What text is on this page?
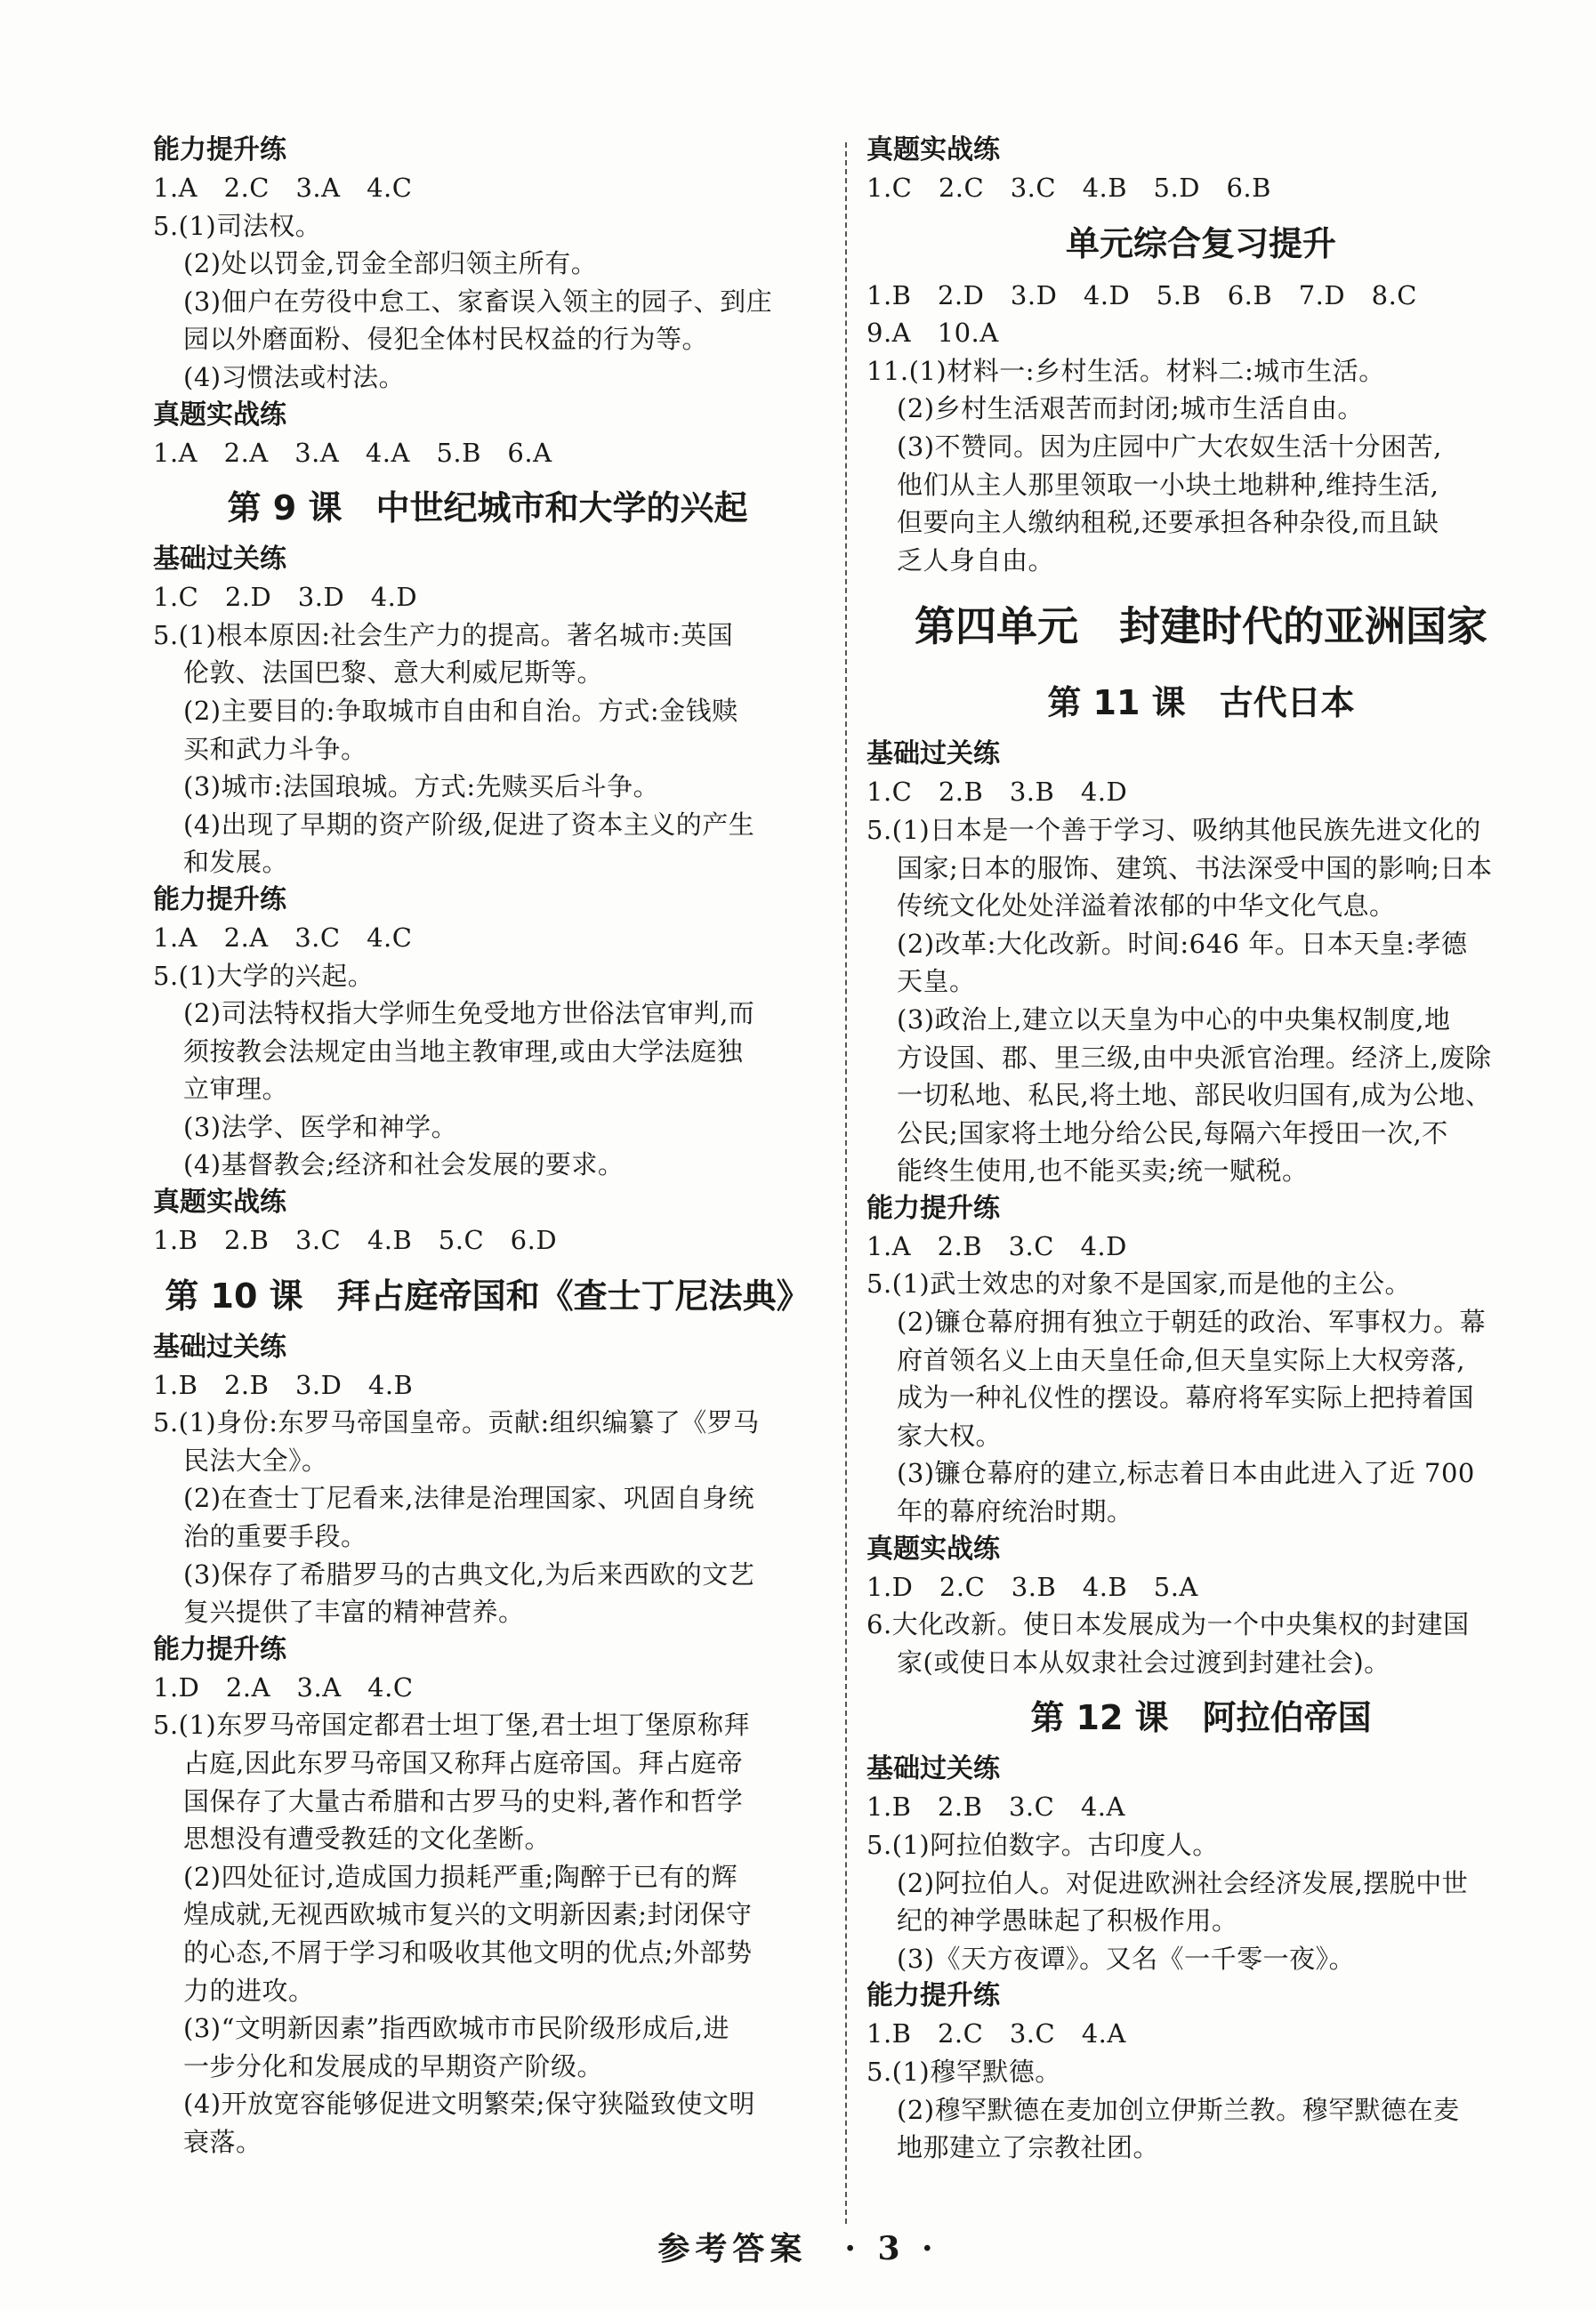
能力提升练
1.A　2.C　3.A　4.C
5.(1)司法权。
(2)处以罚金,罚金全部归领主所有。
(3)佃户在劳役中怠工、家畜误入领主的园子、到庄
园以外磨面粉、侵犯全体村民权益的行为等。
(4)习惯法或村法。
真题实战练
1.A　2.A　3.A　4.A　5.B　6.A
第 9 课　中世纪城市和大学的兴起
基础过关练
1.C　2.D　3.D　4.D
5.(1)根本原因:社会生产力的提高。著名城市:英国
伦敦、法国巴黎、意大利威尼斯等。
(2)主要目的:争取城市自由和自治。方式:金钱赎
买和武力斗争。
(3)城市:法国琅城。方式:先赎买后斗争。
(4)出现了早期的资产阶级,促进了资本主义的产生
和发展。
能力提升练
1.A　2.A　3.C　4.C
5.(1)大学的兴起。
(2)司法特权指大学师生免受地方世俗法官审判,而
须按教会法规定由当地主教审理,或由大学法庭独
立审理。
(3)法学、医学和神学。
(4)基督教会;经济和社会发展的要求。
真题实战练
1.B　2.B　3.C　4.B　5.C　6.D
第 10 课　拜占庭帝国和《查士丁尼法典》
基础过关练
1.B　2.B　3.D　4.B
5.(1)身份:东罗马帝国皇帝。贡献:组织编纂了《罗马
民法大全》。
(2)在查士丁尼看来,法律是治理国家、巩固自身统
治的重要手段。
(3)保存了希腊罗马的古典文化,为后来西欧的文艺
复兴提供了丰富的精神营养。
能力提升练
1.D　2.A　3.A　4.C
5.(1)东罗马帝国定都君士坦丁堡,君士坦丁堡原称拜
占庭,因此东罗马帝国又称拜占庭帝国。拜占庭帝
国保存了大量古希腊和古罗马的史料,著作和哲学
思想没有遭受教廷的文化垄断。
(2)四处征讨,造成国力损耗严重;陶醉于已有的辉
煌成就,无视西欧城市复兴的文明新因素;封闭保守
的心态,不屑于学习和吸收其他文明的优点;外部势
力的进攻。
(3)“文明新因素”指西欧城市市民阶级形成后,进
一步分化和发展成的早期资产阶级。
(4)开放宽容能够促进文明繁荣;保守狭隘致使文明
衰落。
真题实战练
1.C　2.C　3.C　4.B　5.D　6.B
单元综合复习提升
1.B　2.D　3.D　4.D　5.B　6.B　7.D　8.C
9.A　10.A
11.(1)材料一:乡村生活。材料二:城市生活。
(2)乡村生活艰苦而封闭;城市生活自由。
(3)不赞同。因为庄园中广大农奴生活十分困苦,
他们从主人那里领取一小块土地耕种,维持生活,
但要向主人缴纳租税,还要承担各种杂役,而且缺
乏人身自由。
第四单元　封建时代的亚洲国家
第 11 课　古代日本
基础过关练
1.C　2.B　3.B　4.D
5.(1)日本是一个善于学习、吸纳其他民族先进文化的
国家;日本的服饰、建筑、书法深受中国的影响;日本
传统文化处处洋溢着浓郁的中华文化气息。
(2)改革:大化改新。时间:646 年。日本天皇:孝德
天皇。
(3)政治上,建立以天皇为中心的中央集权制度,地
方设国、郡、里三级,由中央派官治理。经济上,废除
一切私地、私民,将土地、部民收归国有,成为公地、
公民;国家将土地分给公民,每隔六年授田一次,不
能终生使用,也不能买卖;统一赋税。
能力提升练
1.A　2.B　3.C　4.D
5.(1)武士效忠的对象不是国家,而是他的主公。
(2)镰仓幕府拥有独立于朝廷的政治、军事权力。幕
府首领名义上由天皇任命,但天皇实际上大权旁落,
成为一种礼仪性的摆设。幕府将军实际上把持着国
家大权。
(3)镰仓幕府的建立,标志着日本由此进入了近 700
年的幕府统治时期。
真题实战练
1.D　2.C　3.B　4.B　5.A
6.大化改新。使日本发展成为一个中央集权的封建国
家(或使日本从奴隶社会过渡到封建社会)。
第 12 课　阿拉伯帝国
基础过关练
1.B　2.B　3.C　4.A
5.(1)阿拉伯数字。古印度人。
(2)阿拉伯人。对促进欧洲社会经济发展,摆脱中世
纪的神学愚昧起了积极作用。
(3)《天方夜谭》。又名《一千零一夜》。
能力提升练
1.B　2.C　3.C　4.A
5.(1)穆罕默德。
(2)穆罕默德在麦加创立伊斯兰教。穆罕默德在麦
地那建立了宗教社团。
参考答案　· 3 ·
